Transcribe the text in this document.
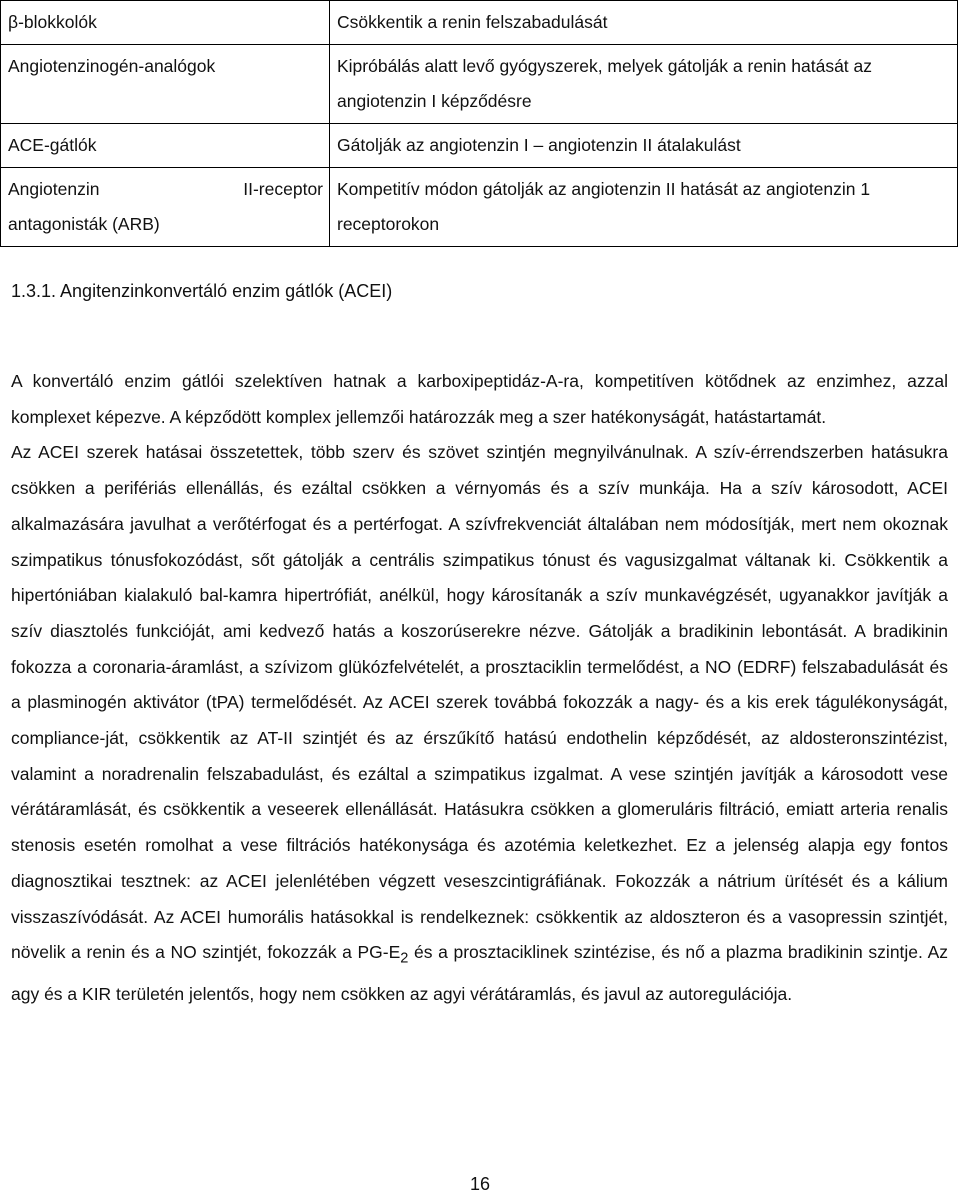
β-blokkolók	Csökkentik a renin felszabadulását
Angiotenzinogén-analógok	Kipróbálás alatt levő gyógyszerek, melyek gátolják a renin hatását az angiotenzin I képződésre
ACE-gátlók	Gátolják az angiotenzin I – angiotenzin II átalakulást

Angiotenzin II-receptor
antagonisták (ARB)	Kompetitív módon gátolják az angiotenzin II hatását az angiotenzin 1 receptorokon
1.3.1. Angitenzinkonvertáló enzim gátlók (ACEI)

A konvertáló enzim gátlói szelektíven hatnak a karboxipeptidáz-A-ra, kompetitíven kötődnek az enzimhez, azzal komplexet képezve. A képződött komplex jellemzői határozzák meg a szer hatékonyságát, hatástartamát.

Az ACEI szerek hatásai összetettek, több szerv és szövet szintjén megnyilvánulnak. A szív-érrendszerben hatásukra csökken a perifériás ellenállás, és ezáltal csökken a vérnyomás és a szív munkája. Ha a szív károsodott, ACEI alkalmazására javulhat a verőtérfogat és a pertérfogat. A szívfrekvenciát általában nem módosítják, mert nem okoznak szimpatikus tónusfokozódást, sőt gátolják a centrális szimpatikus tónust és vagusizgalmat váltanak ki. Csökkentik a hipertóniában kialakuló bal-kamra hipertrófiát, anélkül, hogy károsítanák a szív munkavégzését, ugyanakkor javítják a szív diasztolés funkcióját, ami kedvező hatás a koszorúserekre nézve. Gátolják a bradikinin lebontását. A bradikinin fokozza a coronaria-áramlást, a szívizom glükózfelvételét, a prosztaciklin termelődést, a NO (EDRF) felszabadulását és a plasminogén aktivátor (tPA) termelődését. Az ACEI szerek továbbá fokozzák a nagy- és a kis erek tágulékonyságát, compliance-ját, csökkentik az AT-II szintjét és az érszűkítő hatású endothelin képződését, az aldosteronszintézist, valamint a noradrenalin felszabadulást, és ezáltal a szimpatikus izgalmat. A vese szintjén javítják a károsodott vese vérátáramlását, és csökkentik a veseerek ellenállását. Hatásukra csökken a glomeruláris filtráció, emiatt arteria renalis stenosis esetén romolhat a vese filtrációs hatékonysága és azotémia keletkezhet. Ez a jelenség alapja egy fontos diagnosztikai tesztnek: az ACEI jelenlétében végzett veseszcintigráfiának. Fokozzák a nátrium ürítését és a kálium visszaszívódását. Az ACEI humorális hatásokkal is rendelkeznek: csökkentik az aldoszteron és a vasopressin szintjét, növelik a renin és a NO szintjét, fokozzák a $PG-E_2$ és a prosztaciklinek szintézise, és nő a plazma bradikinin szintje. Az agy és a KIR területén jelentős, hogy nem csökken az agyi vérátáramlás, és javul az autoregulációja.

16
